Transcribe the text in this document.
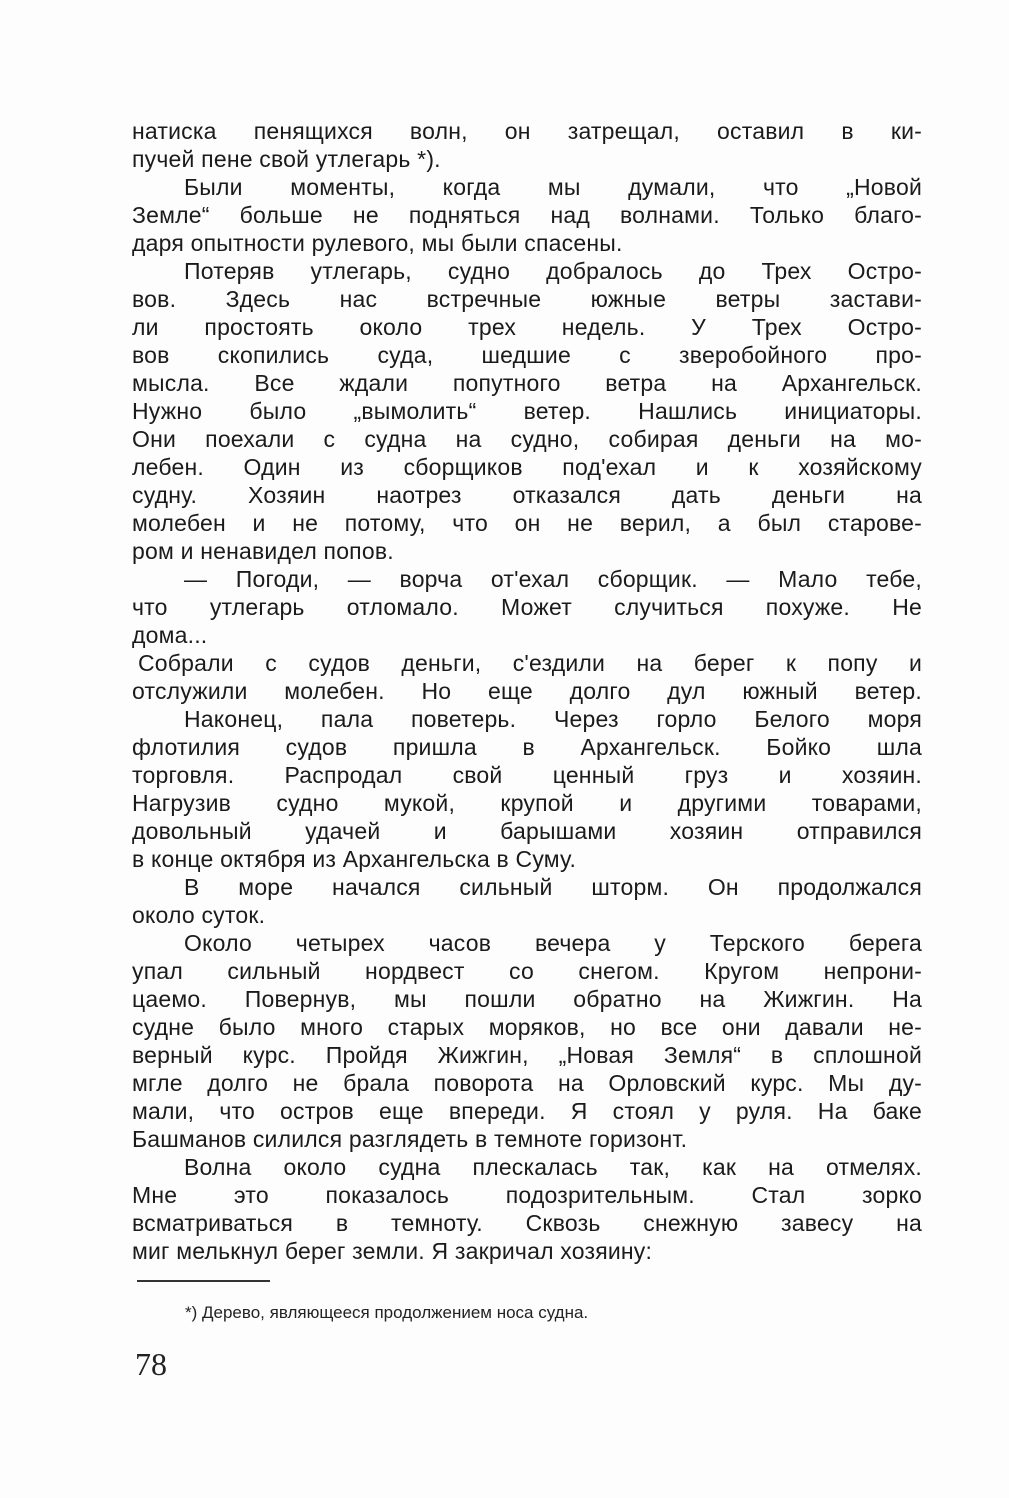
натиска пенящихся волн, он затрещал, оставил в ки-
пучей пене свой утлегарь *).
Были моменты, когда мы думали, что „Новой
Земле“ больше не подняться над волнами. Только благо-
даря опытности рулевого, мы были спасены.
Потеряв утлегарь, судно добралось до Трех Остро-
вов. Здесь нас встречные южные ветры застави-
ли простоять около трех недель. У Трех Остро-
вов скопились суда, шедшие с зверобойного про-
мысла. Все ждали попутного ветра на Архангельск.
Нужно было „вымолить“ ветер. Нашлись инициаторы.
Они поехали с судна на судно, собирая деньги на мо-
лебен. Один из сборщиков под'ехал и к хозяйскому
судну. Хозяин наотрез отказался дать деньги на
молебен и не потому, что он не верил, а был старове-
ром и ненавидел попов.
— Погоди, — ворча от'ехал сборщик. — Мало тебе,
что утлегарь отломало. Может случиться похуже. Не
дома...
Собрали с судов деньги, с'ездили на берег к попу и
отслужили молебен. Но еще долго дул южный ветер.
Наконец, пала поветерь. Через горло Белого моря
флотилия судов пришла в Архангельск. Бойко шла
торговля. Распродал свой ценный груз и хозяин.
Нагрузив судно мукой, крупой и другими товарами,
довольный удачей и барышами хозяин отправился
в конце октября из Архангельска в Суму.
В море начался сильный шторм. Он продолжался
около суток.
Около четырех часов вечера у Терского берега
упал сильный нордвест со снегом. Кругом непрони-
цаемо. Повернув, мы пошли обратно на Жижгин. На
судне было много старых моряков, но все они давали не-
верный курс. Пройдя Жижгин, „Новая Земля“ в сплошной
мгле долго не брала поворота на Орловский курс. Мы ду-
мали, что остров еще впереди. Я стоял у руля. На баке
Башманов силился разглядеть в темноте горизонт.
Волна около судна плескалась так, как на отмелях.
Мне это показалось подозрительным. Стал зорко
всматриваться в темноту. Сквозь снежную завесу на
миг мелькнул берег земли. Я закричал хозяину:
*) Дерево, являющееся продолжением носа судна.
78
